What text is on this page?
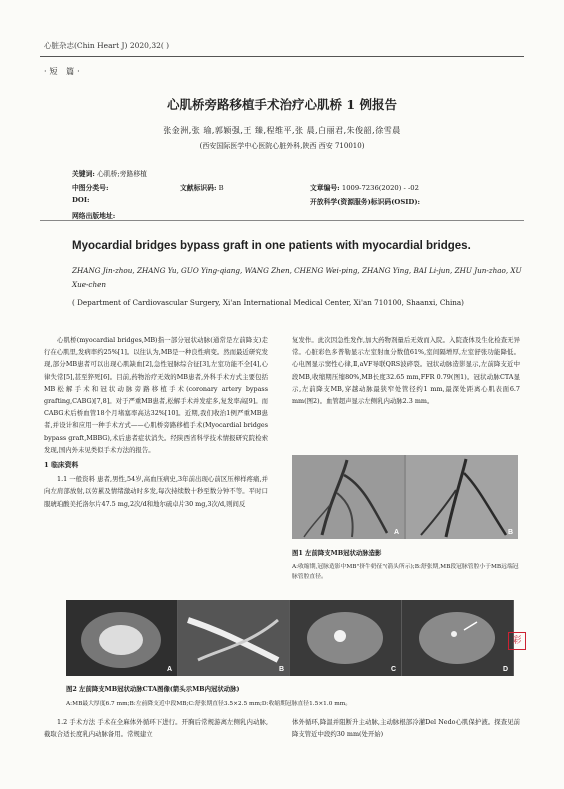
心脏杂志(Chin Heart J) 2020,32( )
·短 篇·
心肌桥旁路移植手术治疗心肌桥 1 例报告
张金洲,张 瑜,郭颖强,王 臻,程维平,张 晨,白丽君,朱俊韶,徐雪晨
(西安国际医学中心医院心脏外科,陕西 西安 710010)
关键词: 心肌桥;旁路移植
中图分类号:	文献标识码: B	文章编号: 1009-7236(2020) - -02
DOI:	开放科学(资源服务)标识码(OSID):
网络出版地址:
Myocardial bridges bypass graft in one patients with myocardial bridges.
ZHANG Jin-zhou, ZHANG Yu, GUO Ying-qiang, WANG Zhen, CHENG Wei-ping, ZHANG Ying, BAI Li-jun, ZHU Jun-zhao, XU Xue-chen
( Department of Cardiovascular Surgery, Xi'an International Medical Center, Xi'an 710100, Shaanxi, China)

心肌桥(myocardial bridges,MB)指一部分冠状动脉(通常是左前降支)走行在心肌里,发病率约25%[1]。以往认为,MB是一种良性病变。然而最近研究发现,部分MB患者可以出现心肌缺血[2],急性冠脉综合征[3],左室功能不全[4],心律失常[5],甚至猝死[6]。目前,药物治疗无效的MB患者,外科手术方式主要包括MB松解手术和冠状动脉旁路移植手术(coronary artery bypass grafting,CABG)[7,8]。对于严重MB患者,松解手术并发症多,复发率高[9]。而CABG术后桥血管18个月堵塞率高达32%[10]。近期,我们收治1例严重MB患者,并设计和应用一种手术方式——心肌桥旁路移植手术(Myocardial bridges bypass graft,MBBG),术后患者症状消失。经陕西省科学技术情报研究院检索发现,国内外未见类似手术方法的报告。

1 临床资料

1.1 一般资料 患者,男性,54岁,高血压病史,3年前出现心前区压榨样疼痛,并向左肩部放射,以劳累及情绪激动时多发,每次持续数十秒至数分钟不等。平时口服琥珀酸美托洛尔片47.5 mg,2次/d和地尔硫卓片30 mg,3次/d,则间反

复发作。此次因急性发作,加大药物剂量后无效而入院。入院查体及生化检查无异常。心脏彩色多普勒显示左室射血分数值61%,室间隔增厚,左室舒张功能降低。心电图显示窦性心律,Ⅱ,aVF导联QRS波碎裂。冠状动脉造影显示,左前降支近中段MB,收缩期压缩80%,MB长度32.65 mm,FFR 0.79(图1)。冠状动脉CTA显示,左前降支MB,穿越动脉最狭窄处管径约1 mm,最深处距离心肌表面6.7 mm(图2)。血管超声显示左侧乳内动脉2.3 mm。

A	B
图1 左前降支MB冠状动脉造影
A:收缩期,冠脉造影中MB"挤牛奶征"(箭头所示);B:舒张期,MB段冠脉管腔小于MB远端冠脉管腔直径。
A	B	C	D
彩
图2 左前降支MB冠状动脉CTA图像(箭头示MB内冠状动脉)
A:MB最大厚度6.7 mm;B:左前降支近中段MB;C:舒张期直径3.5×2.5 mm;D:收缩期冠脉直径1.5×1.0 mm。

1.2 手术方法 手术在全麻体外循环下进行。开胸后常规游离左侧乳内动脉,截取合适长度乳内动脉备用。常规建立

体外循环,降温并阻断升主动脉,主动脉根部冷灌Del Nedo心肌保护液。探查见前降支管近中段约30 mm(处开始)
